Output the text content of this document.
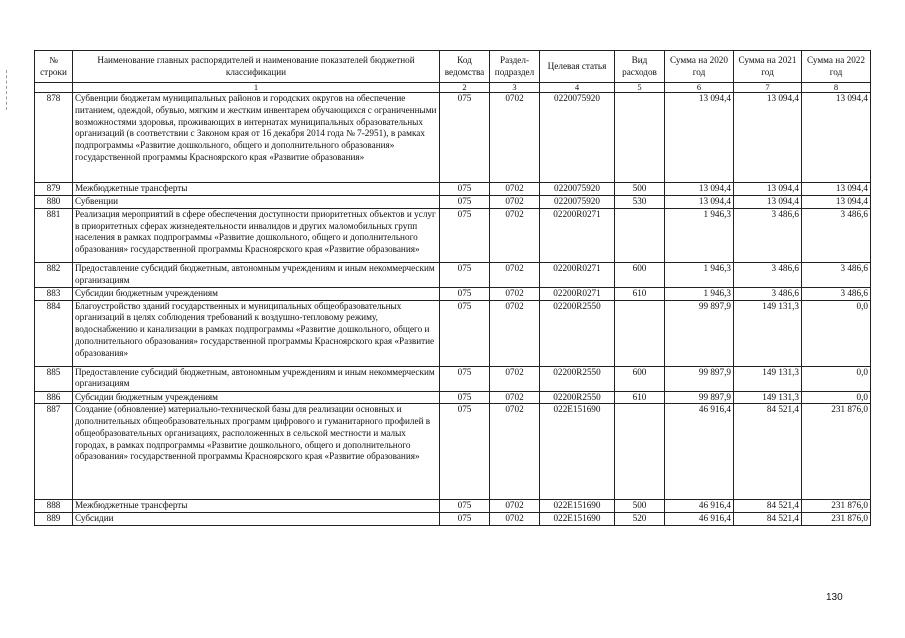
№ строки	Наименование главных распорядителей и наименование показателей бюджетной классификации	Код ведомства	Раздел-подраздел	Целевая статья	Вид расходов	Сумма на 2020 год	Сумма на 2021 год	Сумма на 2022 год
	1	2	3	4	5	6	7	8
878	Субвенции бюджетам муниципальных районов и городских округов на обеспечение питанием, одеждой, обувью, мягким и жестким инвентарем обучающихся с ограниченными возможностями здоровья, проживающих в интернатах муниципальных образовательных организаций (в соответствии с Законом края от 16 декабря 2014 года № 7-2951), в рамках подпрограммы «Развитие дошкольного, общего и дополнительного образования» государственной программы Красноярского края «Развитие образования»	075	0702	0220075920		13 094,4	13 094,4	13 094,4
879	Межбюджетные трансферты	075	0702	0220075920	500	13 094,4	13 094,4	13 094,4
880	Субвенции	075	0702	0220075920	530	13 094,4	13 094,4	13 094,4
881	Реализация мероприятий в сфере обеспечения доступности приоритетных объектов и услуг в приоритетных сферах жизнедеятельности инвалидов и других маломобильных групп населения в рамках подпрограммы «Развитие дошкольного, общего и дополнительного образования» государственной программы Красноярского края «Развитие образования»	075	0702	02200R0271		1 946,3	3 486,6	3 486,6
882	Предоставление субсидий бюджетным, автономным учреждениям и иным некоммерческим организациям	075	0702	02200R0271	600	1 946,3	3 486,6	3 486,6
883	Субсидии бюджетным учреждениям	075	0702	02200R0271	610	1 946,3	3 486,6	3 486,6
884	Благоустройство зданий государственных и муниципальных общеобразовательных организаций в целях соблюдения требований к воздушно-тепловому режиму, водоснабжению и канализации в рамках подпрограммы «Развитие дошкольного, общего и дополнительного образования» государственной программы Красноярского края «Развитие образования»	075	0702	02200R2550		99 897,9	149 131,3	0,0
885	Предоставление субсидий бюджетным, автономным учреждениям и иным некоммерческим организациям	075	0702	02200R2550	600	99 897,9	149 131,3	0,0
886	Субсидии бюджетным учреждениям	075	0702	02200R2550	610	99 897,9	149 131,3	0,0
887	Создание (обновление) материально-технической базы для реализации основных и дополнительных общеобразовательных программ цифрового и гуманитарного профилей в общеобразовательных организациях, расположенных в сельской местности и малых городах, в рамках подпрограммы «Развитие дошкольного, общего и дополнительного образования» государственной программы Красноярского края «Развитие образования»	075	0702	022E151690		46 916,4	84 521,4	231 876,0
888	Межбюджетные трансферты	075	0702	022E151690	500	46 916,4	84 521,4	231 876,0
889	Субсидии	075	0702	022E151690	520	46 916,4	84 521,4	231 876,0
130
